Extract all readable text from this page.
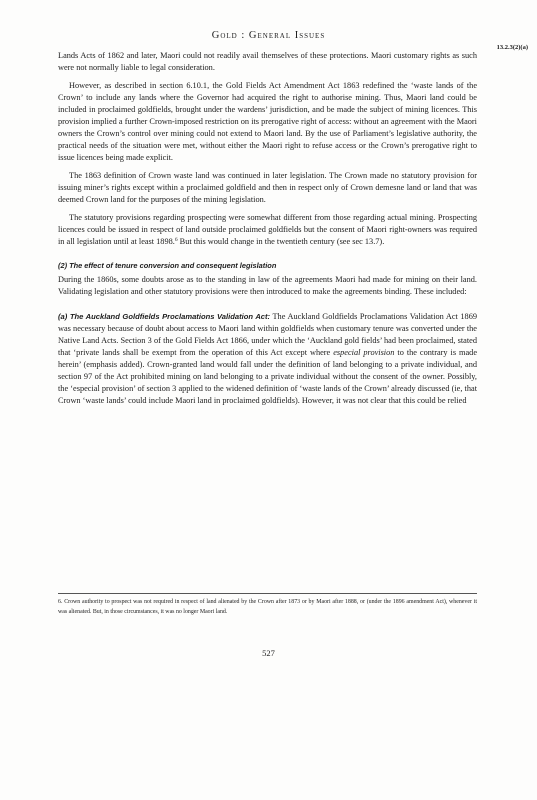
Gold : General Issues
13.2.3(2)(a)

Lands Acts of 1862 and later, Maori could not readily avail themselves of these protections. Maori customary rights as such were not normally liable to legal consideration.

However, as described in section 6.10.1, the Gold Fields Act Amendment Act 1863 redefined the ‘waste lands of the Crown’ to include any lands where the Governor had acquired the right to authorise mining. Thus, Maori land could be included in proclaimed goldfields, brought under the wardens’ jurisdiction, and be made the subject of mining licences. This provision implied a further Crown-imposed restriction on its prerogative right of access: without an agreement with the Maori owners the Crown’s control over mining could not extend to Maori land. By the use of Parliament’s legislative authority, the practical needs of the situation were met, without either the Maori right to refuse access or the Crown’s prerogative right to issue licences being made explicit.

The 1863 definition of Crown waste land was continued in later legislation. The Crown made no statutory provision for issuing miner’s rights except within a proclaimed goldfield and then in respect only of Crown demesne land or land that was deemed Crown land for the purposes of the mining legislation.

The statutory provisions regarding prospecting were somewhat different from those regarding actual mining. Prospecting licences could be issued in respect of land outside proclaimed goldfields but the consent of Maori right-owners was required in all legislation until at least 1898.$^6$ But this would change in the twentieth century (see sec 13.7).

(2) The effect of tenure conversion and consequent legislation

During the 1860s, some doubts arose as to the standing in law of the agreements Maori had made for mining on their land. Validating legislation and other statutory provisions were then introduced to make the agreements binding. These included:

(a) The Auckland Goldfields Proclamations Validation Act: The Auckland Goldfields Proclamations Validation Act 1869 was necessary because of doubt about access to Maori land within goldfields when customary tenure was converted under the Native Land Acts. Section 3 of the Gold Fields Act 1866, under which the ‘Auckland gold fields’ had been proclaimed, stated that ‘private lands shall be exempt from the operation of this Act except where especial provision to the contrary is made herein’ (emphasis added). Crown-granted land would fall under the definition of land belonging to a private individual, and section 97 of the Act prohibited mining on land belonging to a private individual without the consent of the owner. Possibly, the ‘especial provision’ of section 3 applied to the widened definition of ‘waste lands of the Crown’ already discussed (ie, that Crown ‘waste lands’ could include Maori land in proclaimed goldfields). However, it was not clear that this could be relied

6. Crown authority to prospect was not required in respect of land alienated by the Crown after 1873 or by Maori after 1888, or (under the 1896 amendment Act), whenever it was alienated. But, in those circumstances, it was no longer Maori land.
527
